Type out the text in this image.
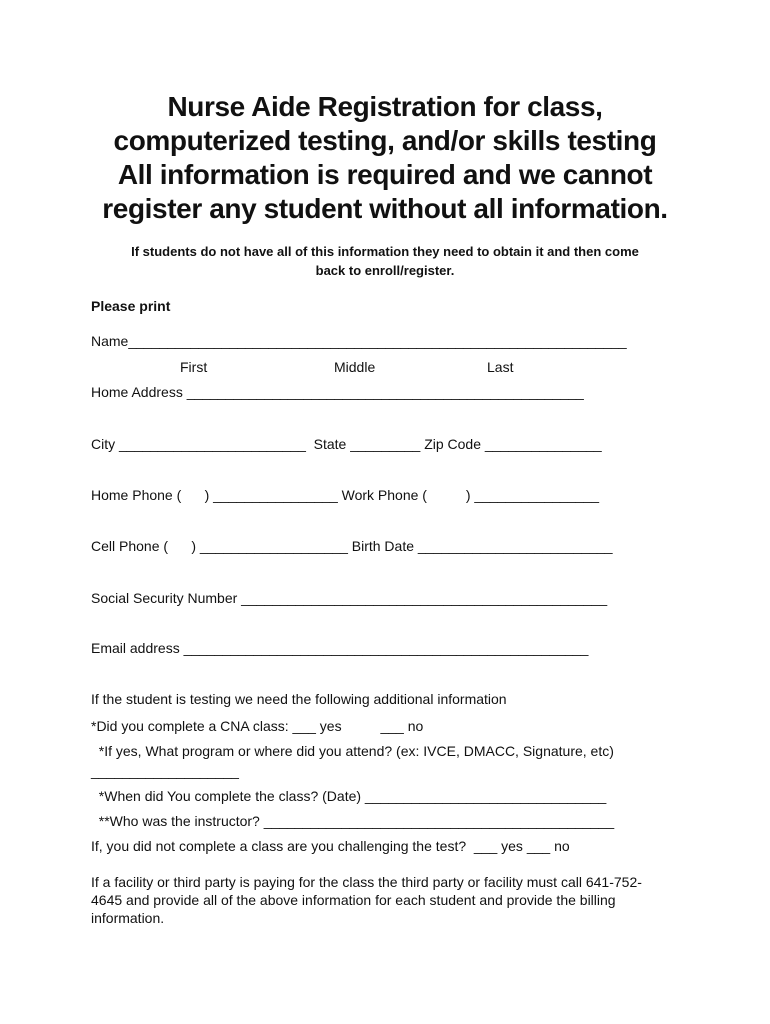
Nurse Aide Registration for class,
computerized testing, and/or skills testing
All information is required and we cannot
register any student without all information.
If students do not have all of this information they need to obtain it and then come
back to enroll/register.
Please print
Name________________________________________________________________
First	Middle	Last
Home Address ___________________________________________________
City ________________________  State _________ Zip Code _______________
Home Phone (      ) ________________ Work Phone (          ) ________________
Cell Phone (      ) ___________________ Birth Date _________________________
Social Security Number _______________________________________________
Email address ____________________________________________________
If the student is testing we need the following additional information
*Did you complete a CNA class: ___ yes          ___ no
*If yes, What program or where did you attend? (ex: IVCE, DMACC, Signature, etc)
___________________
*When did You complete the class? (Date) _______________________________
**Who was the instructor? _____________________________________________
If, you did not complete a class are you challenging the test?  ___ yes ___ no
If a facility or third party is paying for the class the third party or facility must call 641-752-4645 and provide all of the above information for each student and provide the billing information.
